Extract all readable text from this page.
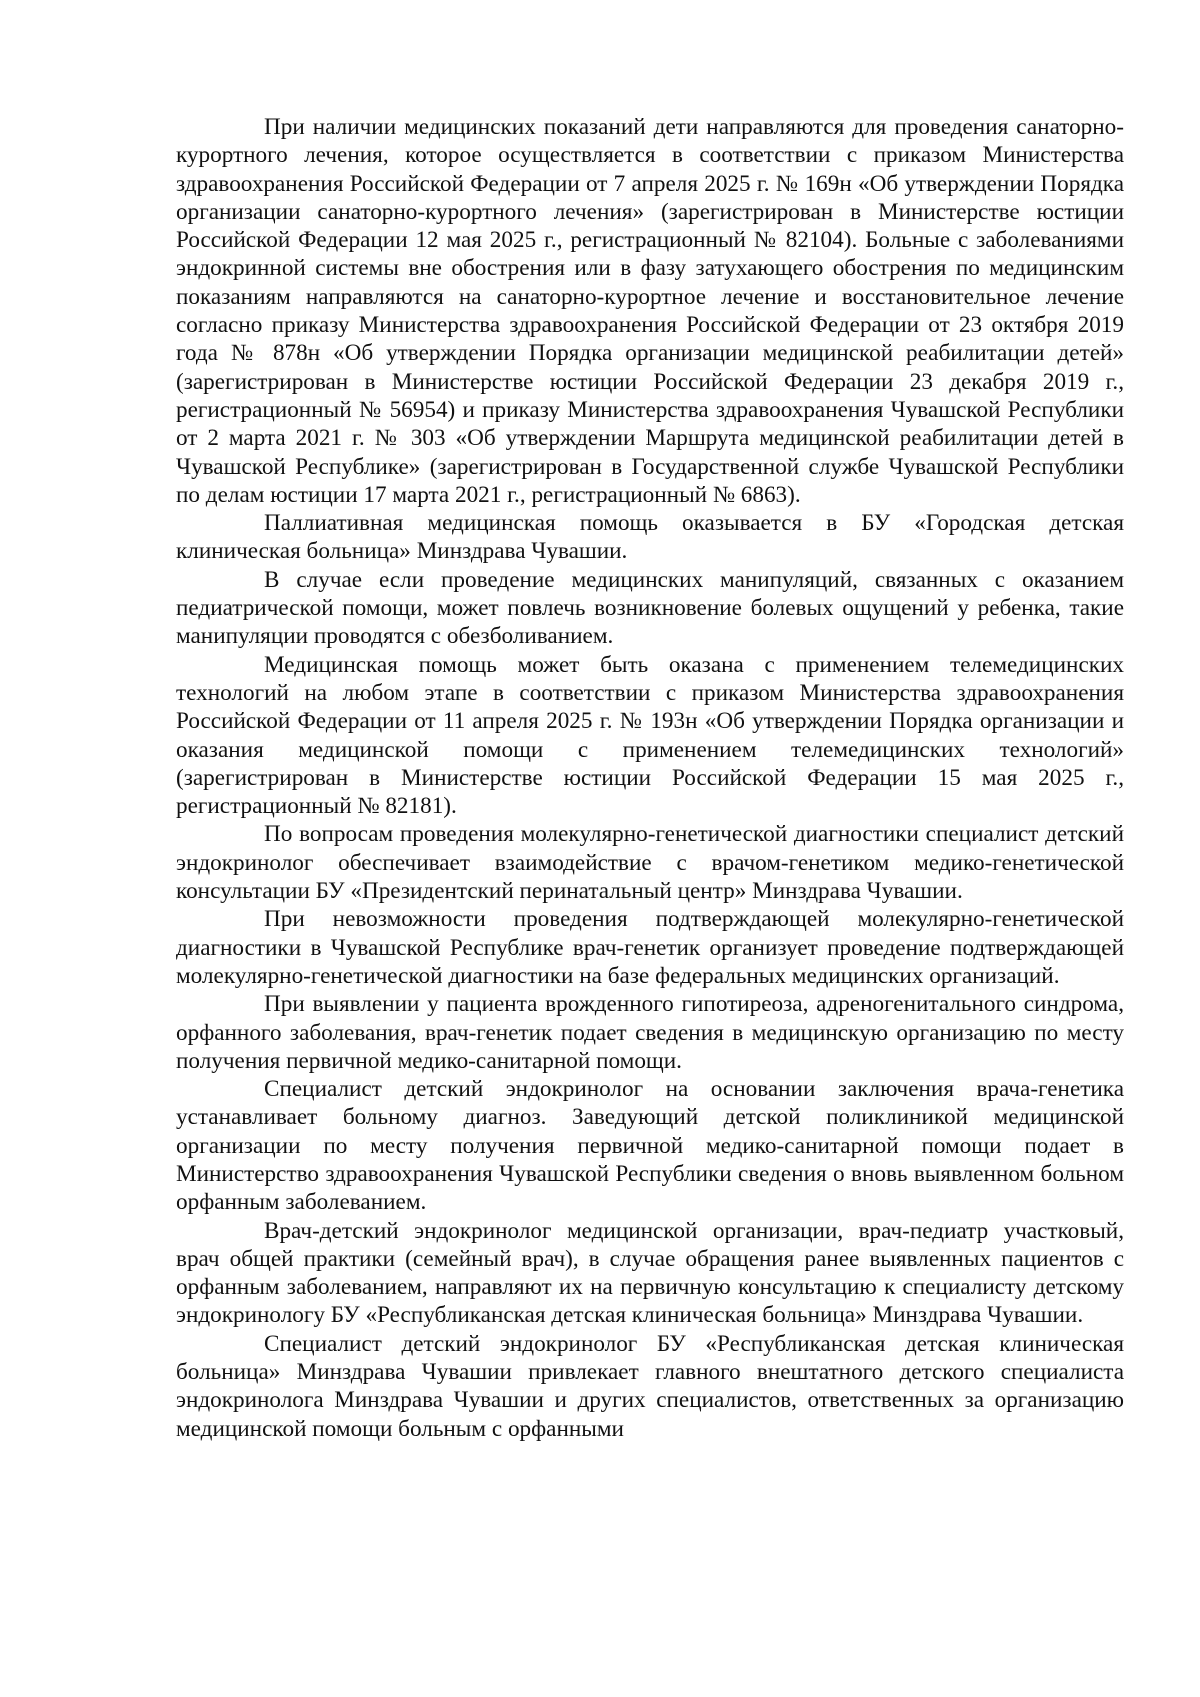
При наличии медицинских показаний дети направляются для проведения санаторно-курортного лечения, которое осуществляется в соответствии с приказом Министерства здравоохранения Российской Федерации от 7 апреля 2025 г. № 169н «Об утверждении Порядка организации санаторно-курортного лечения» (зарегистрирован в Министерстве юстиции Российской Федерации 12 мая 2025 г., регистрационный № 82104). Больные с заболеваниями эндокринной системы вне обострения или в фазу затухающего обострения по медицинским показаниям направляются на санаторно-курортное лечение и восстановительное лечение согласно приказу Министерства здравоохранения Российской Федерации от 23 октября 2019 года № 878н «Об утверждении Порядка организации медицинской реабилитации детей» (зарегистрирован в Министерстве юстиции Российской Федерации 23 декабря 2019 г., регистрационный № 56954) и приказу Министерства здравоохранения Чувашской Республики от 2 марта 2021 г. № 303 «Об утверждении Маршрута медицинской реабилитации детей в Чувашской Республике» (зарегистрирован в Государственной службе Чувашской Республики по делам юстиции 17 марта 2021 г., регистрационный № 6863).

Паллиативная медицинская помощь оказывается в БУ «Городская детская клиническая больница» Минздрава Чувашии.

В случае если проведение медицинских манипуляций, связанных с оказанием педиатрической помощи, может повлечь возникновение болевых ощущений у ребенка, такие манипуляции проводятся с обезболиванием.

Медицинская помощь может быть оказана с применением телемедицинских технологий на любом этапе в соответствии с приказом Министерства здравоохранения Российской Федерации от 11 апреля 2025 г. № 193н «Об утверждении Порядка организации и оказания медицинской помощи с применением телемедицинских технологий» (зарегистрирован в Министерстве юстиции Российской Федерации 15 мая 2025 г., регистрационный № 82181).

По вопросам проведения молекулярно-генетической диагностики специалист детский эндокринолог обеспечивает взаимодействие с врачом-генетиком медико-генетической консультации БУ «Президентский перинатальный центр» Минздрава Чувашии.

При невозможности проведения подтверждающей молекулярно-генетической диагностики в Чувашской Республике врач-генетик организует проведение подтверждающей молекулярно-генетической диагностики на базе федеральных медицинских организаций.

При выявлении у пациента врожденного гипотиреоза, адреногенитального синдрома, орфанного заболевания, врач-генетик подает сведения в медицинскую организацию по месту получения первичной медико-санитарной помощи.

Специалист детский эндокринолог на основании заключения врача-генетика устанавливает больному диагноз. Заведующий детской поликлиникой медицинской организации по месту получения первичной медико-санитарной помощи подает в Министерство здравоохранения Чувашской Республики сведения о вновь выявленном больном орфанным заболеванием.

Врач-детский эндокринолог медицинской организации, врач-педиатр участковый, врач общей практики (семейный врач), в случае обращения ранее выявленных пациентов с орфанным заболеванием, направляют их на первичную консультацию к специалисту детскому эндокринологу БУ «Республиканская детская клиническая больница» Минздрава Чувашии.

Специалист детский эндокринолог БУ «Республиканская детская клиническая больница» Минздрава Чувашии привлекает главного внештатного детского специалиста эндокринолога Минздрава Чувашии и других специалистов, ответственных за организацию медицинской помощи больным с орфанными
